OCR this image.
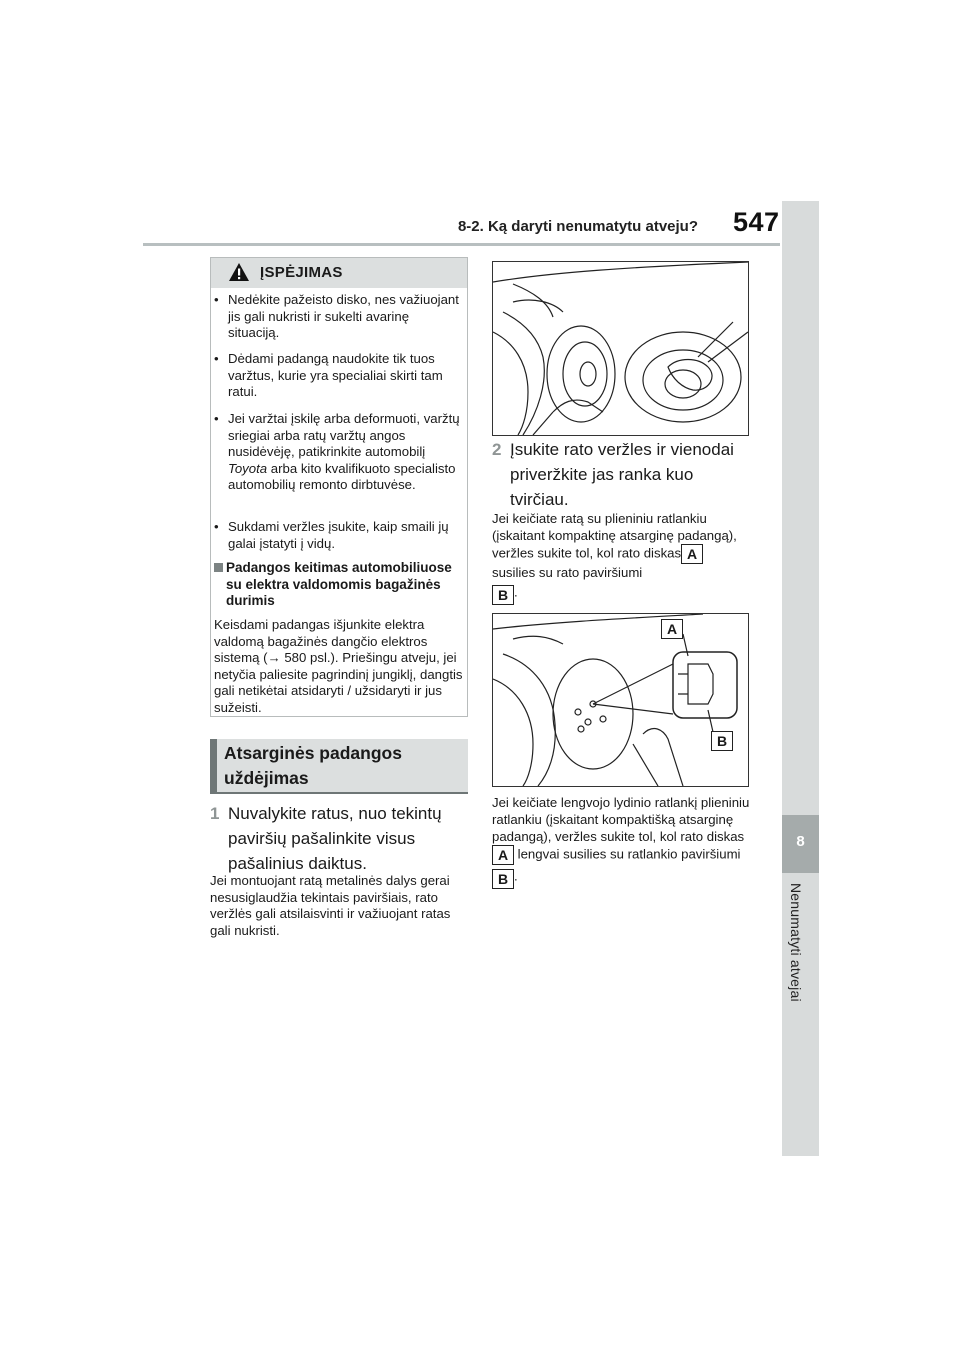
8-2. Ką daryti nenumatytu atveju? 547
8
Nenumatyti atvejai
ĮSPĖJIMAS
• Nedėkite pažeisto disko, nes važiuojant jis gali nukristi ir sukelti avarinę situaciją.
• Dėdami padangą naudokite tik tuos varžtus, kurie yra specialiai skirti tam ratui.
• Jei varžtai įskilę arba deformuoti, varžtų sriegiai arba ratų varžtų angos nusidėvėję, patikrinkite automobilį Toyota arba kito kvalifikuoto specialisto automobilių remonto dirbtuvėse.
• Sukdami veržles įsukite, kaip smaili jų galai įstatyti į vidų.
Padangos keitimas automobiliuose su elektra valdomomis bagažinės durimis
Keisdami padangas išjunkite elektra valdomą bagažinės dangčio elektros sistemą (→ 580 psl.). Priešingu atveju, jei netyčia paliesite pagrindinį jungiklį, dangtis gali netikėtai atsidaryti / užsidaryti ir jus sužeisti.
Atsarginės padangos uždėjimas
1 Nuvalykite ratus, nuo tekintų paviršių pašalinkite visus pašalinius daiktus.
Jei montuojant ratą metalinės dalys gerai nesusiglaudžia tekintais paviršiais, rato veržlės gali atsilaisvinti ir važiuojant ratas gali nukristi.
2 Įsukite rato veržles ir vienodai priveržkite jas ranka kuo tvirčiau.
Jei keičiate ratą su plieniniu ratlankiu (įskaitant kompaktinę atsarginę padangą), veržles sukite tol, kol rato diskas A susilies su rato paviršiumi
B .
A
B
Jei keičiate lengvojo lydinio ratlankį plieniniu ratlankiu (įskaitant kompaktišką atsarginę padangą), veržles sukite tol, kol rato diskasA lengvai susilies su ratlankio paviršiumi
B .
